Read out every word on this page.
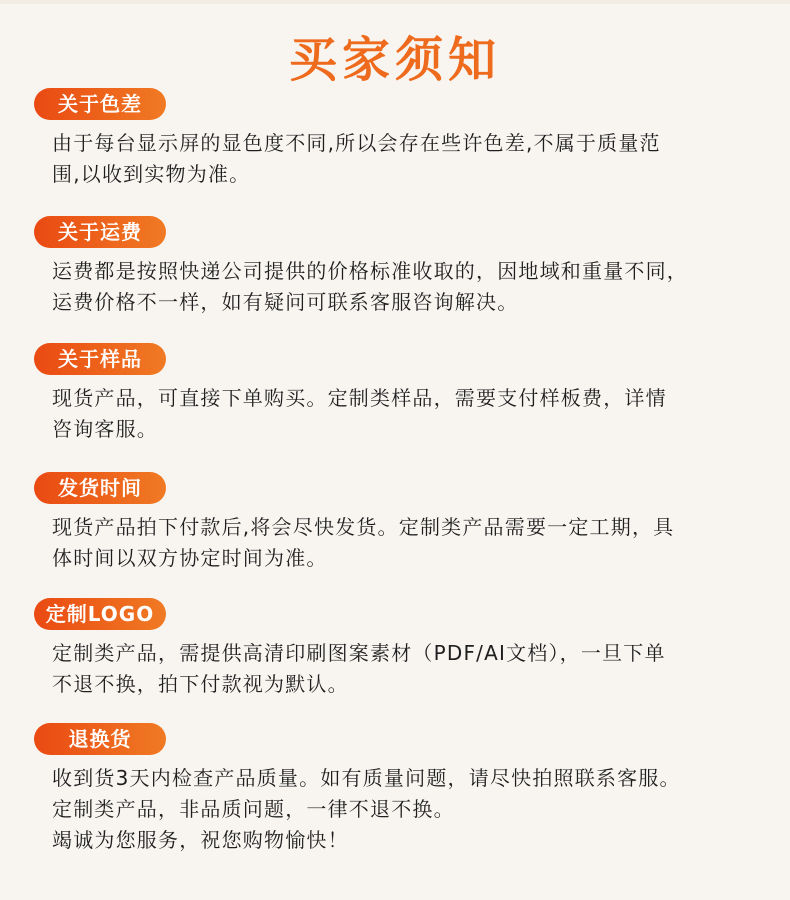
买家须知
关于色差
由于每台显示屏的显色度不同,所以会存在些许色差,不属于质量范
围,以收到实物为准。
关于运费
运费都是按照快递公司提供的价格标准收取的，因地域和重量不同，
运费价格不一样，如有疑问可联系客服咨询解决。
关于样品
现货产品，可直接下单购买。定制类样品，需要支付样板费，详情
咨询客服。
发货时间
现货产品拍下付款后,将会尽快发货。定制类产品需要一定工期，具
体时间以双方协定时间为准。
定制LOGO
定制类产品，需提供高清印刷图案素材（PDF/AI文档），一旦下单
不退不换，拍下付款视为默认。
退换货
收到货3天内检查产品质量。如有质量问题，请尽快拍照联系客服。
定制类产品，非品质问题，一律不退不换。
竭诚为您服务，祝您购物愉快！
